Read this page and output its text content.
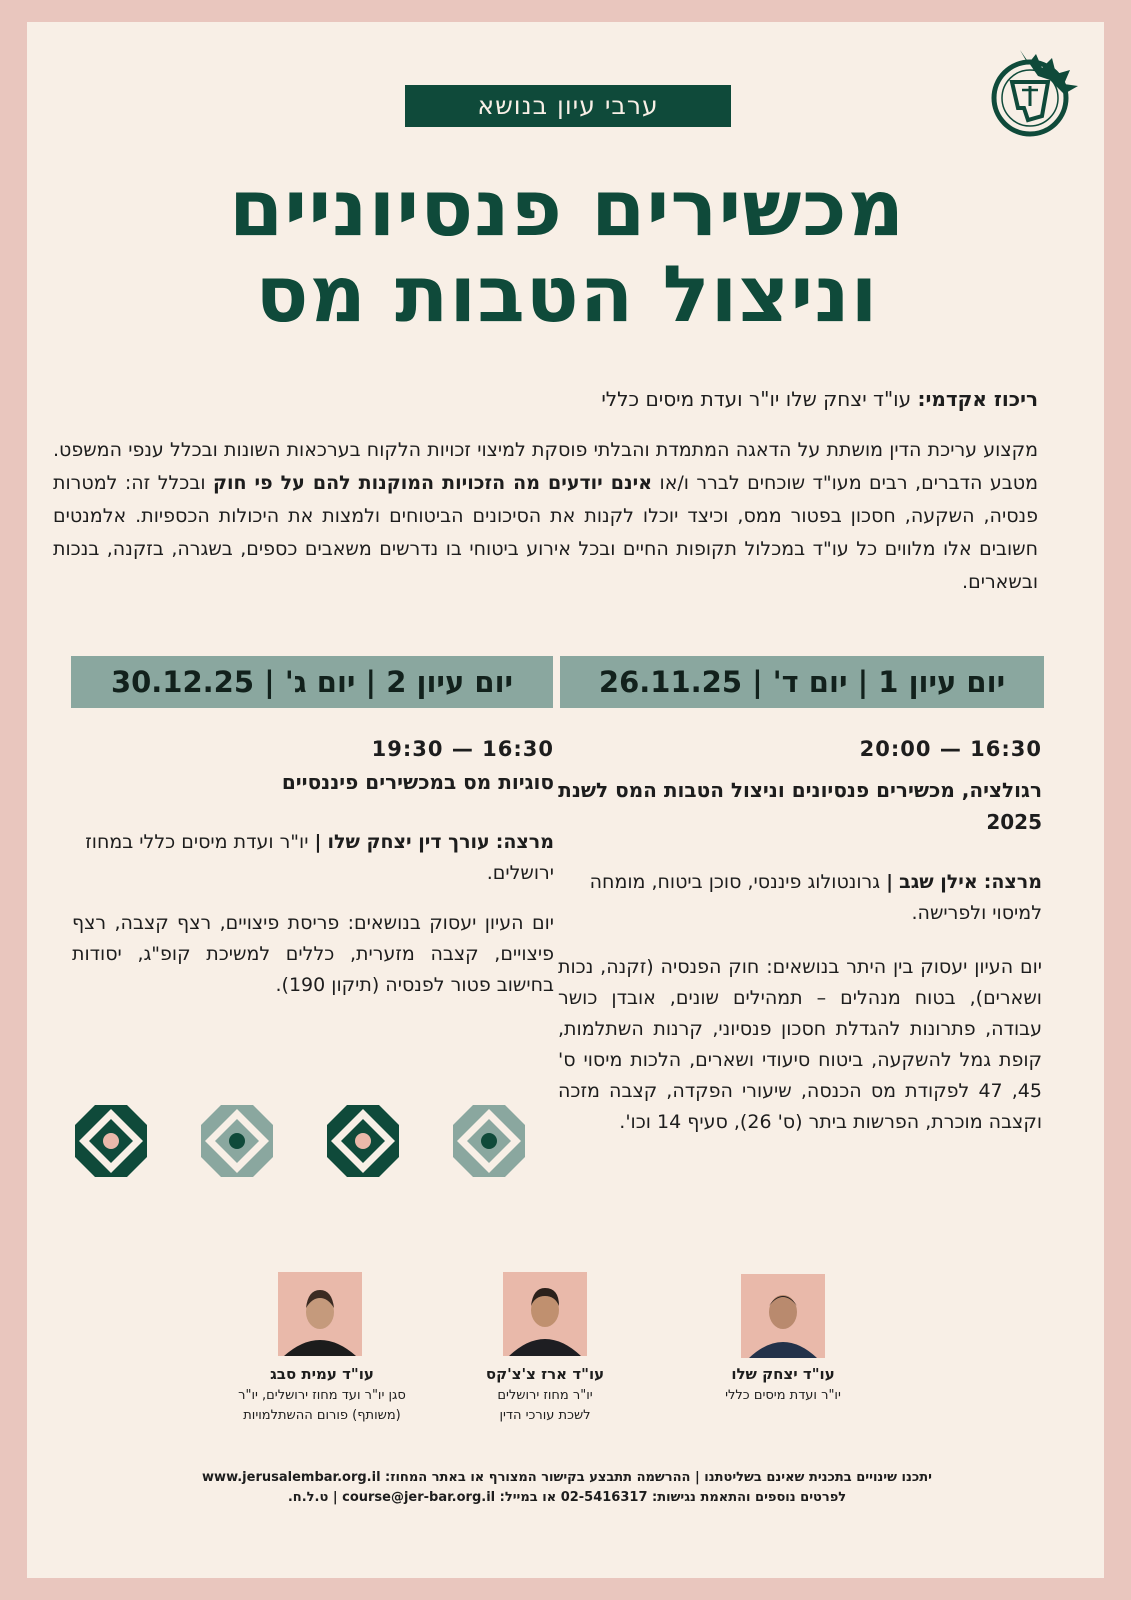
ערבי עיון בנושא
מכשירים פנסיוניים
וניצול הטבות מס
ריכוז אקדמי: עו"ד יצחק שלו יו"ר ועדת מיסים כללי
מקצוע עריכת הדין מושתת על הדאגה המתמדת והבלתי פוסקת למיצוי זכויות הלקוח בערכאות השונות ובכלל ענפי המשפט. מטבע הדברים, רבים מעו"ד שוכחים לברר ו/או אינם יודעים מה הזכויות המוקנות להם על פי חוק ובכלל זה: למטרות פנסיה, השקעה, חסכון בפטור ממס, וכיצד יוכלו לקנות את הסיכונים הביטוחים ולמצות את היכולות הכספיות. אלמנטים חשובים אלו מלווים כל עו"ד במכלול תקופות החיים ובכל אירוע ביטוחי בו נדרשים משאבים כספים, בשגרה, בזקנה, בנכות ובשארים.
יום עיון 1 | יום ד' | 26.11.25
יום עיון 2 | יום ג' | 30.12.25
16:30 — 20:00
רגולציה, מכשירים פנסיונים וניצול הטבות המס לשנת 2025
מרצה: אילן שגב | גרונטולוג פיננסי, סוכן ביטוח, מומחה למיסוי ולפרישה.
יום העיון יעסוק בין היתר בנושאים: חוק הפנסיה (זקנה, נכות ושארים), בטוח מנהלים – תמהילים שונים, אובדן כושר עבודה, פתרונות להגדלת חסכון פנסיוני, קרנות השתלמות, קופת גמל להשקעה, ביטוח סיעודי ושארים, הלכות מיסוי ס' 45, 47 לפקודת מס הכנסה, שיעורי הפקדה, קצבה מזכה וקצבה מוכרת, הפרשות ביתר (ס' 26), סעיף 14 וכו'.
16:30 — 19:30
סוגיות מס במכשירים פיננסיים
מרצה: עורך דין יצחק שלו | יו"ר ועדת מיסים כללי במחוז ירושלים.
יום העיון יעסוק בנושאים: פריסת פיצויים, רצף קצבה, רצף פיצויים, קצבה מזערית, כללים למשיכת קופ"ג, יסודות בחישוב פטור לפנסיה (תיקון 190).
עו"ד יצחק שלו
יו"ר ועדת מיסים כללי
עו"ד ארז צ'צ'קס
יו"ר מחוז ירושלים
לשכת עורכי הדין
עו"ד עמית סבג
סגן יו"ר ועד מחוז ירושלים, יו"ר
(משותף) פורום ההשתלמויות
יתכנו שינויים בתכנית שאינם בשליטתנו | ההרשמה תתבצע בקישור המצורף או באתר המחוז: www.jerusalembar.org.il
לפרטים נוספים והתאמת נגישות: 02-5416317 או במייל: course@jer-bar.org.il | ט.ל.ח.
